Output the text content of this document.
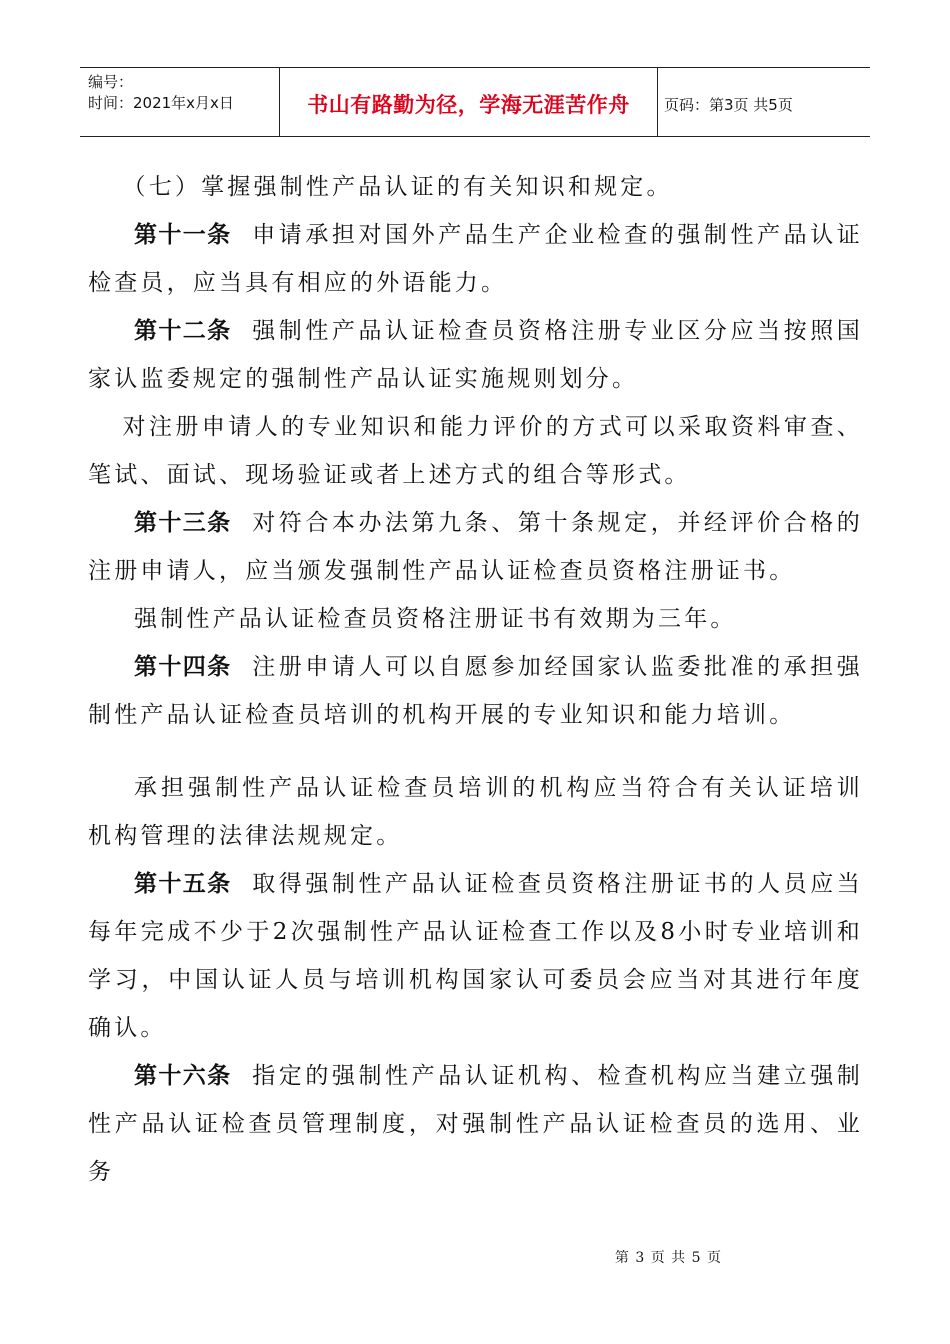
编号：
时间：2021年x月x日	书山有路勤为径，学海无涯苦作舟	页码：第3页 共5页

（七）掌握强制性产品认证的有关知识和规定。

第十一条 申请承担对国外产品生产企业检查的强制性产品认证检查员，应当具有相应的外语能力。

第十二条 强制性产品认证检查员资格注册专业区分应当按照国家认监委规定的强制性产品认证实施规则划分。

对注册申请人的专业知识和能力评价的方式可以采取资料审查、笔试、面试、现场验证或者上述方式的组合等形式。

第十三条 对符合本办法第九条、第十条规定，并经评价合格的注册申请人，应当颁发强制性产品认证检查员资格注册证书。

强制性产品认证检查员资格注册证书有效期为三年。

第十四条 注册申请人可以自愿参加经国家认监委批准的承担强制性产品认证检查员培训的机构开展的专业知识和能力培训。

承担强制性产品认证检查员培训的机构应当符合有关认证培训机构管理的法律法规规定。

第十五条 取得强制性产品认证检查员资格注册证书的人员应当每年完成不少于2次强制性产品认证检查工作以及8小时专业培训和学习，中国认证人员与培训机构国家认可委员会应当对其进行年度确认。

第十六条 指定的强制性产品认证机构、检查机构应当建立强制性产品认证检查员管理制度，对强制性产品认证检查员的选用、业务

第 3 页 共 5 页
